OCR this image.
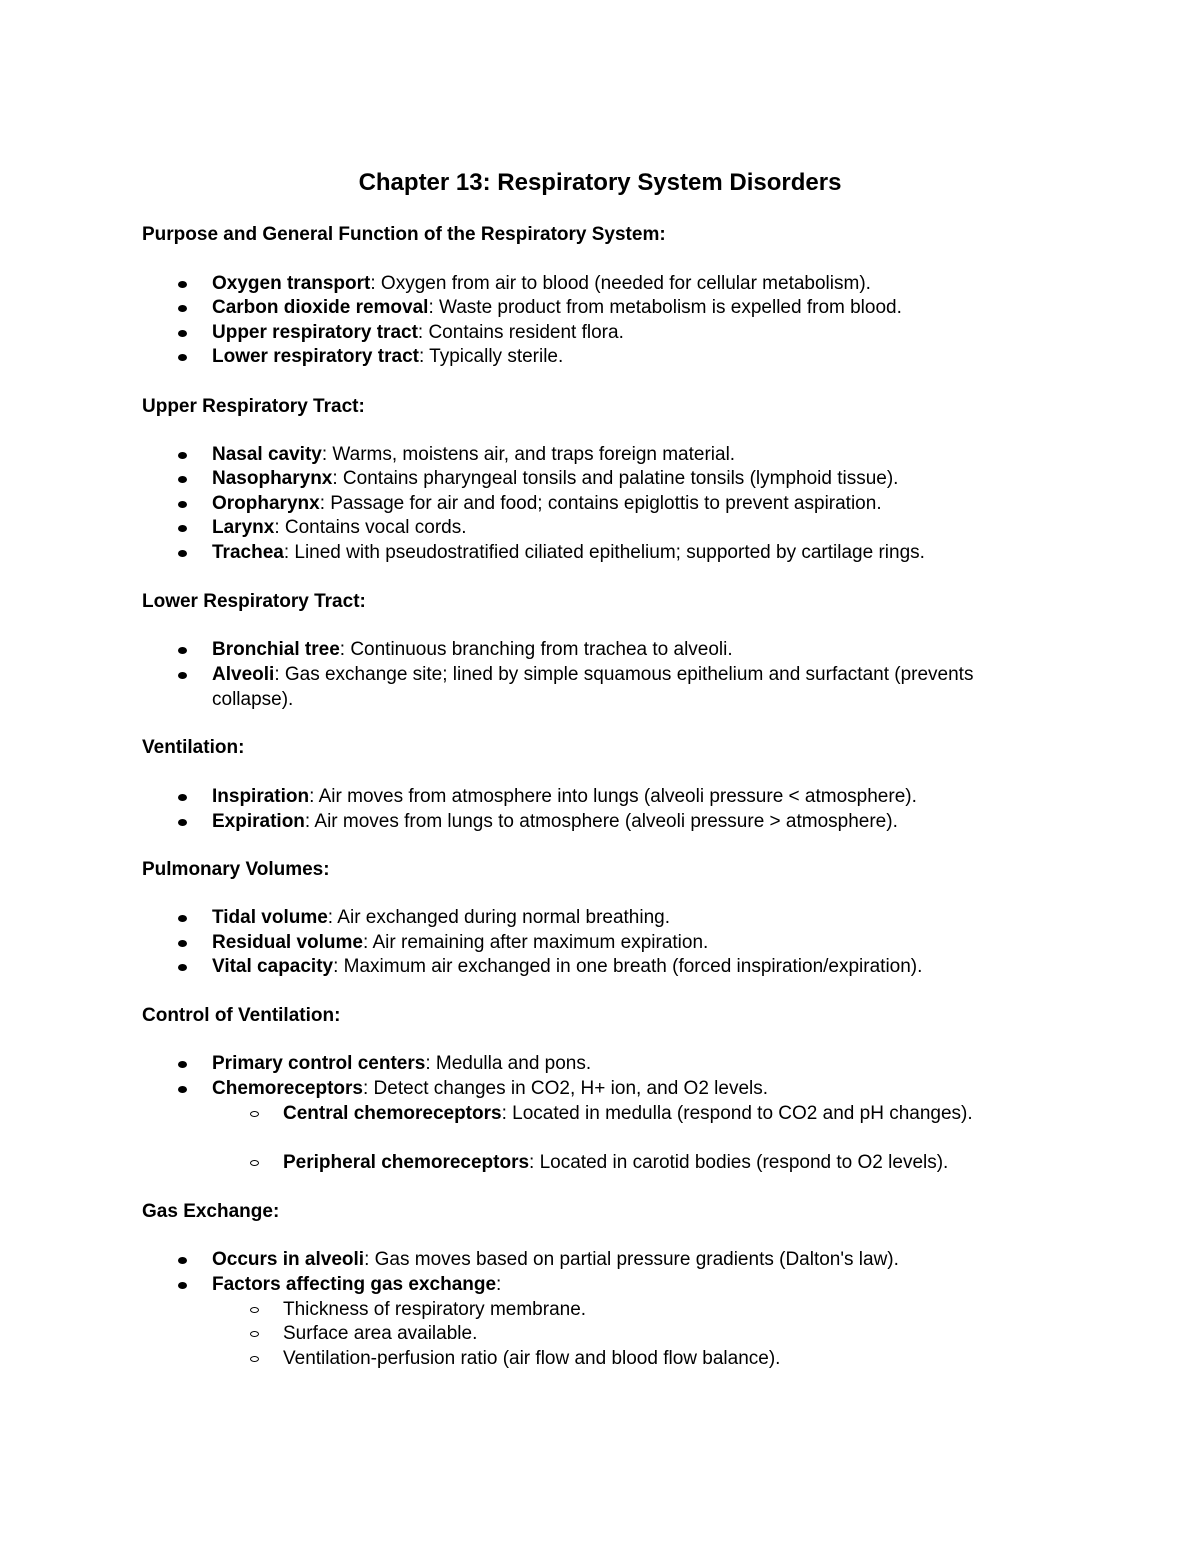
Chapter 13: Respiratory System Disorders
Purpose and General Function of the Respiratory System:
Oxygen transport: Oxygen from air to blood (needed for cellular metabolism).
Carbon dioxide removal: Waste product from metabolism is expelled from blood.
Upper respiratory tract: Contains resident flora.
Lower respiratory tract: Typically sterile.
Upper Respiratory Tract:
Nasal cavity: Warms, moistens air, and traps foreign material.
Nasopharynx: Contains pharyngeal tonsils and palatine tonsils (lymphoid tissue).
Oropharynx: Passage for air and food; contains epiglottis to prevent aspiration.
Larynx: Contains vocal cords.
Trachea: Lined with pseudostratified ciliated epithelium; supported by cartilage rings.
Lower Respiratory Tract:
Bronchial tree: Continuous branching from trachea to alveoli.
Alveoli: Gas exchange site; lined by simple squamous epithelium and surfactant (prevents collapse).
Ventilation:
Inspiration: Air moves from atmosphere into lungs (alveoli pressure < atmosphere).
Expiration: Air moves from lungs to atmosphere (alveoli pressure > atmosphere).
Pulmonary Volumes:
Tidal volume: Air exchanged during normal breathing.
Residual volume: Air remaining after maximum expiration.
Vital capacity: Maximum air exchanged in one breath (forced inspiration/expiration).
Control of Ventilation:
Primary control centers: Medulla and pons.
Chemoreceptors: Detect changes in CO2, H+ ion, and O2 levels.
Central chemoreceptors: Located in medulla (respond to CO2 and pH changes).
Peripheral chemoreceptors: Located in carotid bodies (respond to O2 levels).
Gas Exchange:
Occurs in alveoli: Gas moves based on partial pressure gradients (Dalton's law).
Factors affecting gas exchange:
Thickness of respiratory membrane.
Surface area available.
Ventilation-perfusion ratio (air flow and blood flow balance).
